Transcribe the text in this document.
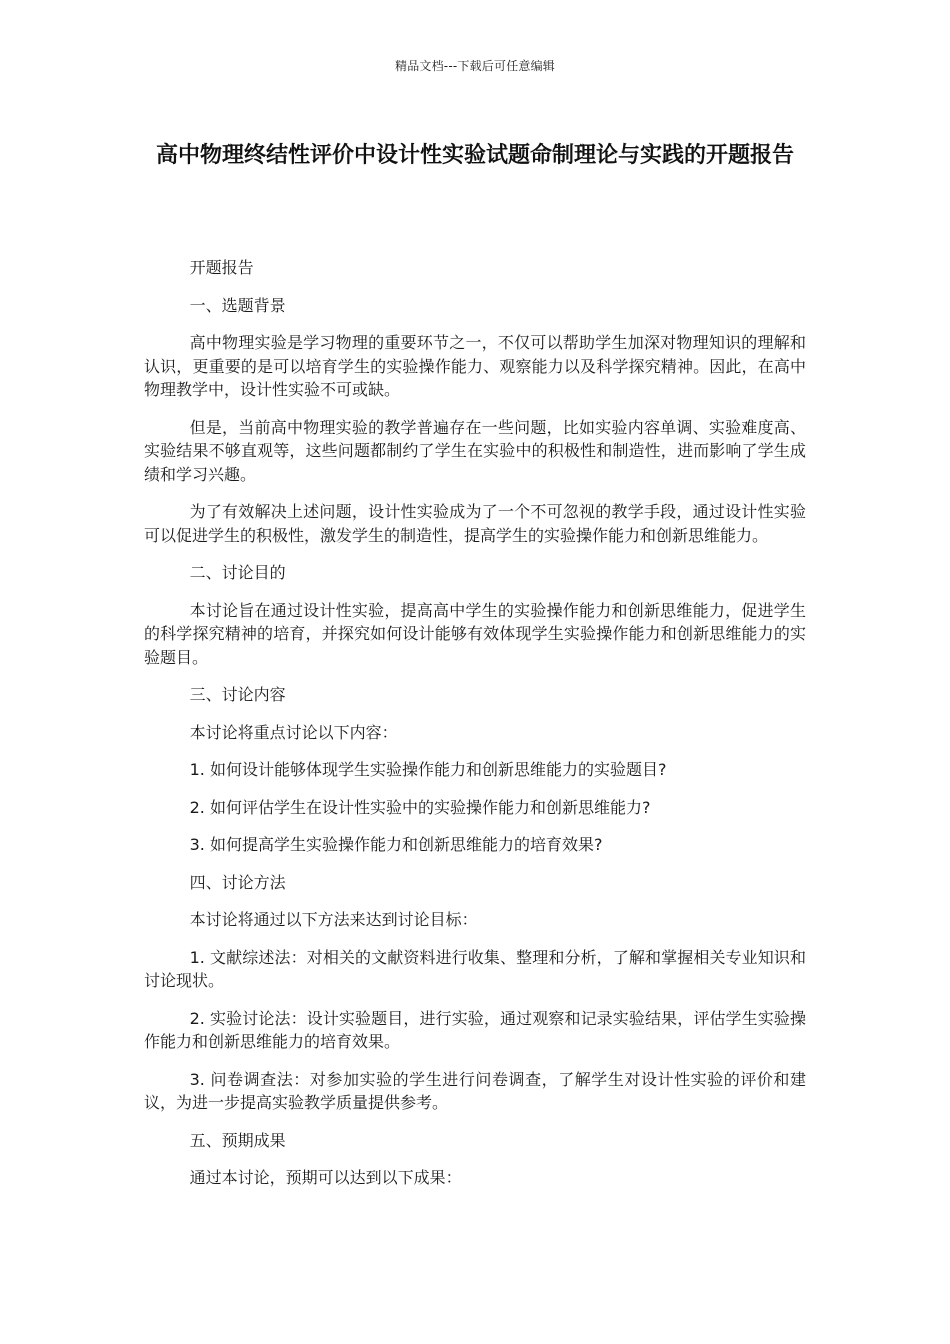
精品文档---下载后可任意编辑
高中物理终结性评价中设计性实验试题命制理论与实践的开题报告

开题报告

一、选题背景

高中物理实验是学习物理的重要环节之一，不仅可以帮助学生加深对物理知识的理解和认识，更重要的是可以培育学生的实验操作能力、观察能力以及科学探究精神。因此，在高中物理教学中，设计性实验不可或缺。

但是，当前高中物理实验的教学普遍存在一些问题，比如实验内容单调、实验难度高、实验结果不够直观等，这些问题都制约了学生在实验中的积极性和制造性，进而影响了学生成绩和学习兴趣。

为了有效解决上述问题，设计性实验成为了一个不可忽视的教学手段，通过设计性实验可以促进学生的积极性，激发学生的制造性，提高学生的实验操作能力和创新思维能力。

二、讨论目的

本讨论旨在通过设计性实验，提高高中学生的实验操作能力和创新思维能力，促进学生的科学探究精神的培育，并探究如何设计能够有效体现学生实验操作能力和创新思维能力的实验题目。

三、讨论内容

本讨论将重点讨论以下内容：

1. 如何设计能够体现学生实验操作能力和创新思维能力的实验题目?

2. 如何评估学生在设计性实验中的实验操作能力和创新思维能力?

3. 如何提高学生实验操作能力和创新思维能力的培育效果?

四、讨论方法

本讨论将通过以下方法来达到讨论目标：

1. 文献综述法：对相关的文献资料进行收集、整理和分析，了解和掌握相关专业知识和讨论现状。

2. 实验讨论法：设计实验题目，进行实验，通过观察和记录实验结果，评估学生实验操作能力和创新思维能力的培育效果。

3. 问卷调查法：对参加实验的学生进行问卷调查，了解学生对设计性实验的评价和建议，为进一步提高实验教学质量提供参考。

五、预期成果

通过本讨论，预期可以达到以下成果：
